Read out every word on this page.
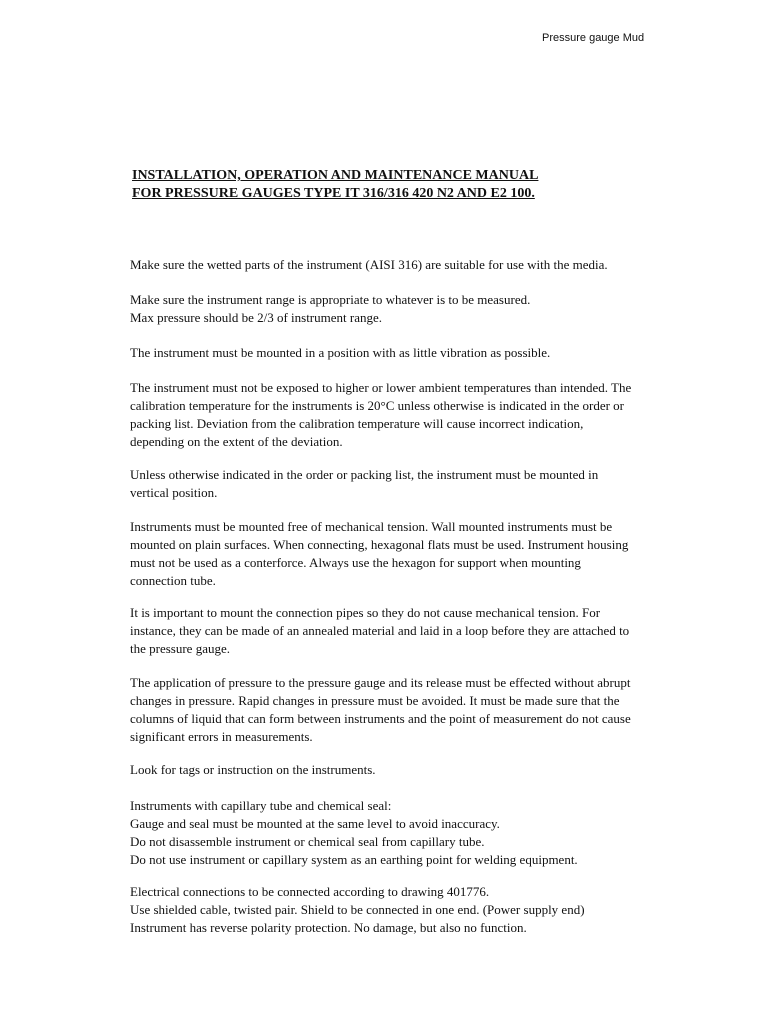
Pressure gauge Mud
INSTALLATION, OPERATION AND MAINTENANCE MANUAL
FOR PRESSURE GAUGES TYPE IT 316/316 420 N2 AND E2 100.
Make sure the wetted parts of the instrument (AISI 316) are suitable for use with the media.
Make sure the instrument range is appropriate to whatever is to be measured.
Max pressure should be 2/3 of instrument range.
The instrument must be mounted in a position with as little vibration as possible.
The instrument must not be exposed to higher or lower ambient temperatures than intended. The
calibration temperature for the instruments is 20°C unless otherwise is indicated in the order or
packing list. Deviation from the calibration temperature will cause incorrect indication,
depending on the extent of the deviation.
Unless otherwise indicated in the order or packing list, the instrument must be mounted in
vertical position.
Instruments must be mounted free of mechanical tension. Wall mounted instruments must be
mounted on plain surfaces. When connecting, hexagonal flats must be used. Instrument housing
must not be used as a conterforce. Always use the hexagon for support when mounting
connection tube.
It is important to mount the connection pipes so they do not cause mechanical tension. For
instance, they can be made of an annealed material and laid in a loop before they are attached to
the pressure gauge.
The application of pressure to the pressure gauge and its release must be effected without abrupt
changes in pressure. Rapid changes in pressure must be avoided. It must be made sure that the
columns of liquid that can form between instruments and the point of measurement do not cause
significant errors in measurements.
Look for tags or instruction on the instruments.
Instruments with capillary tube and chemical seal:
Gauge and seal must be mounted at the same level to avoid inaccuracy.
Do not disassemble instrument or chemical seal from capillary tube.
Do not use instrument or capillary system as an earthing point for welding equipment.
Electrical connections to be connected according to drawing 401776.
Use shielded cable, twisted pair. Shield to be connected in one end. (Power supply end)
Instrument has reverse polarity protection. No damage, but also no function.
